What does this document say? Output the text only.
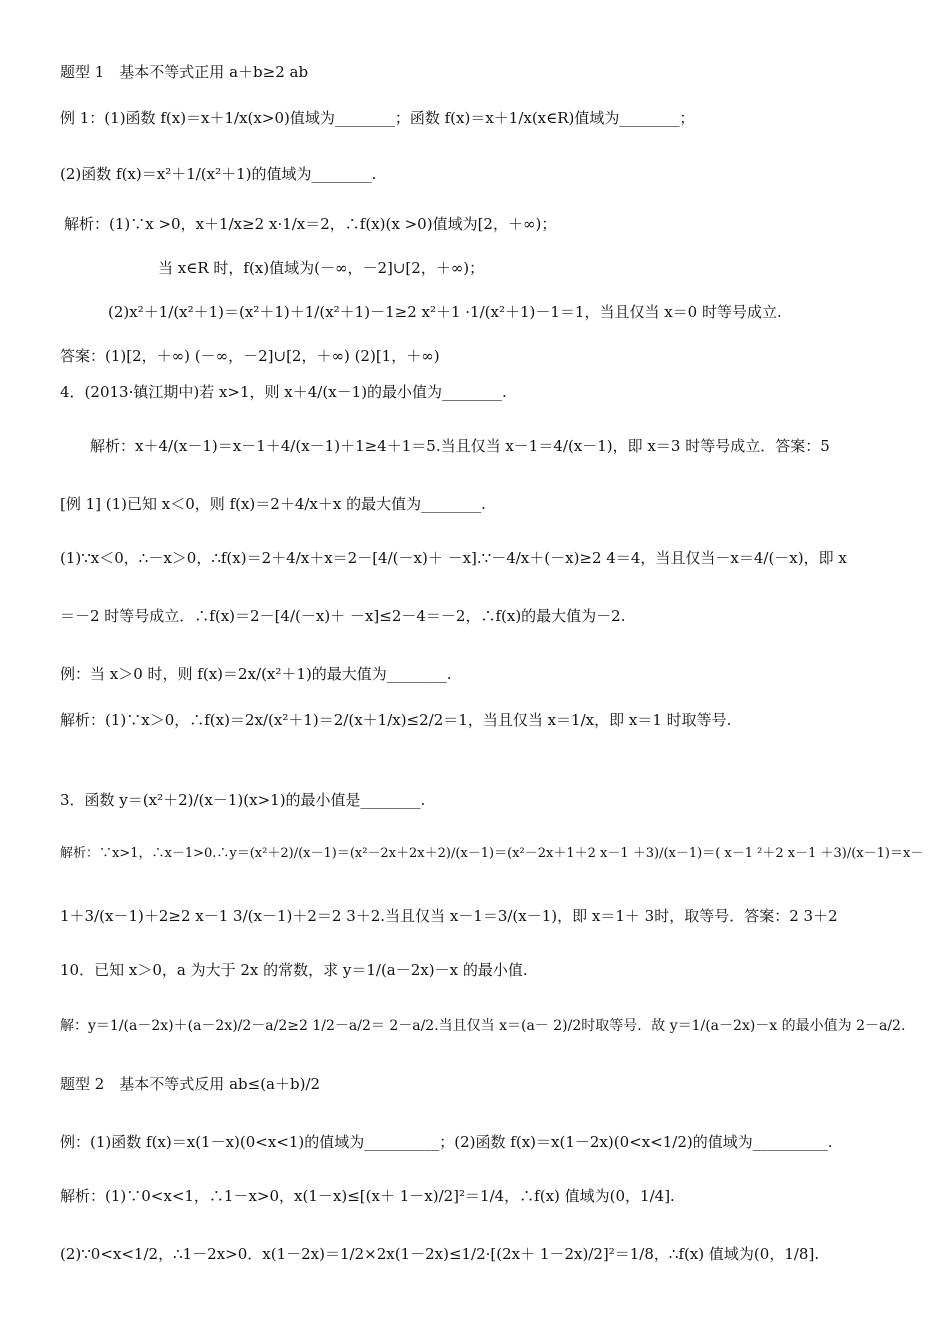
题型 1　基本不等式正用 a＋b≥2 ab
例 1：(1)函数 f(x)＝x＋1/x(x>0)值域为________；函数 f(x)＝x＋1/x(x∈R)值域为________；
(2)函数 f(x)＝x²＋1/(x²＋1)的值域为________.
解析：(1)∵x >0，x＋1/x≥2 x·1/x＝2，∴f(x)(x >0)值域为[2，＋∞)；
当 x∈R 时，f(x)值域为(－∞，－2]∪[2，＋∞)；
(2)x²＋1/(x²＋1)＝(x²＋1)＋1/(x²＋1)－1≥2 x²＋1 ·1/(x²＋1)－1＝1，当且仅当 x＝0 时等号成立.
答案：(1)[2，＋∞) (－∞，－2]∪[2，＋∞) (2)[1，＋∞)
4．(2013·镇江期中)若 x>1，则 x＋4/(x－1)的最小值为________.
解析：x＋4/(x－1)＝x－1＋4/(x－1)＋1≥4＋1＝5.当且仅当 x－1＝4/(x－1)，即 x＝3 时等号成立．答案：5
[例 1] (1)已知 x＜0，则 f(x)＝2＋4/x＋x 的最大值为________.
(1)∵x＜0，∴－x＞0，∴f(x)＝2＋4/x＋x＝2－[4/(－x)＋ －x].∵－4/x＋(－x)≥2 4＝4，当且仅当－x＝4/(－x)，即 x
＝－2 时等号成立．∴f(x)＝2－[4/(－x)＋ －x]≤2－4＝－2，∴f(x)的最大值为－2.
例：当 x＞0 时，则 f(x)＝2x/(x²＋1)的最大值为________.
解析：(1)∵x＞0，∴f(x)＝2x/(x²＋1)＝2/(x＋1/x)≤2/2＝1，当且仅当 x＝1/x，即 x＝1 时取等号.
3．函数 y＝(x²＋2)/(x－1)(x>1)的最小值是________.
解析：∵x>1，∴x－1>0.∴y＝(x²＋2)/(x－1)＝(x²－2x＋2x＋2)/(x－1)＝(x²－2x＋1＋2 x－1 ＋3)/(x－1)＝( x－1 ²＋2 x－1 ＋3)/(x－1)＝x－
1＋3/(x－1)＋2≥2 x－1 3/(x－1)＋2＝2 3＋2.当且仅当 x－1＝3/(x－1)，即 x＝1＋ 3时，取等号．答案：2 3＋2
10．已知 x＞0，a 为大于 2x 的常数，求 y＝1/(a－2x)－x 的最小值.
解：y＝1/(a－2x)＋(a－2x)/2－a/2≥2 1/2－a/2＝ 2－a/2.当且仅当 x＝(a－ 2)/2时取等号．故 y＝1/(a－2x)－x 的最小值为 2－a/2.
题型 2　基本不等式反用 ab≤(a＋b)/2
例：(1)函数 f(x)＝x(1－x)(0<x<1)的值域为__________；(2)函数 f(x)＝x(1－2x)(0<x<1/2)的值域为__________.
解析：(1)∵0<x<1，∴1－x>0，x(1－x)≤[(x＋ 1－x)/2]²＝1/4，∴f(x) 值域为(0，1/4].
(2)∵0<x<1/2，∴1－2x>0．x(1－2x)＝1/2×2x(1－2x)≤1/2·[(2x＋ 1－2x)/2]²＝1/8，∴f(x) 值域为(0，1/8].
